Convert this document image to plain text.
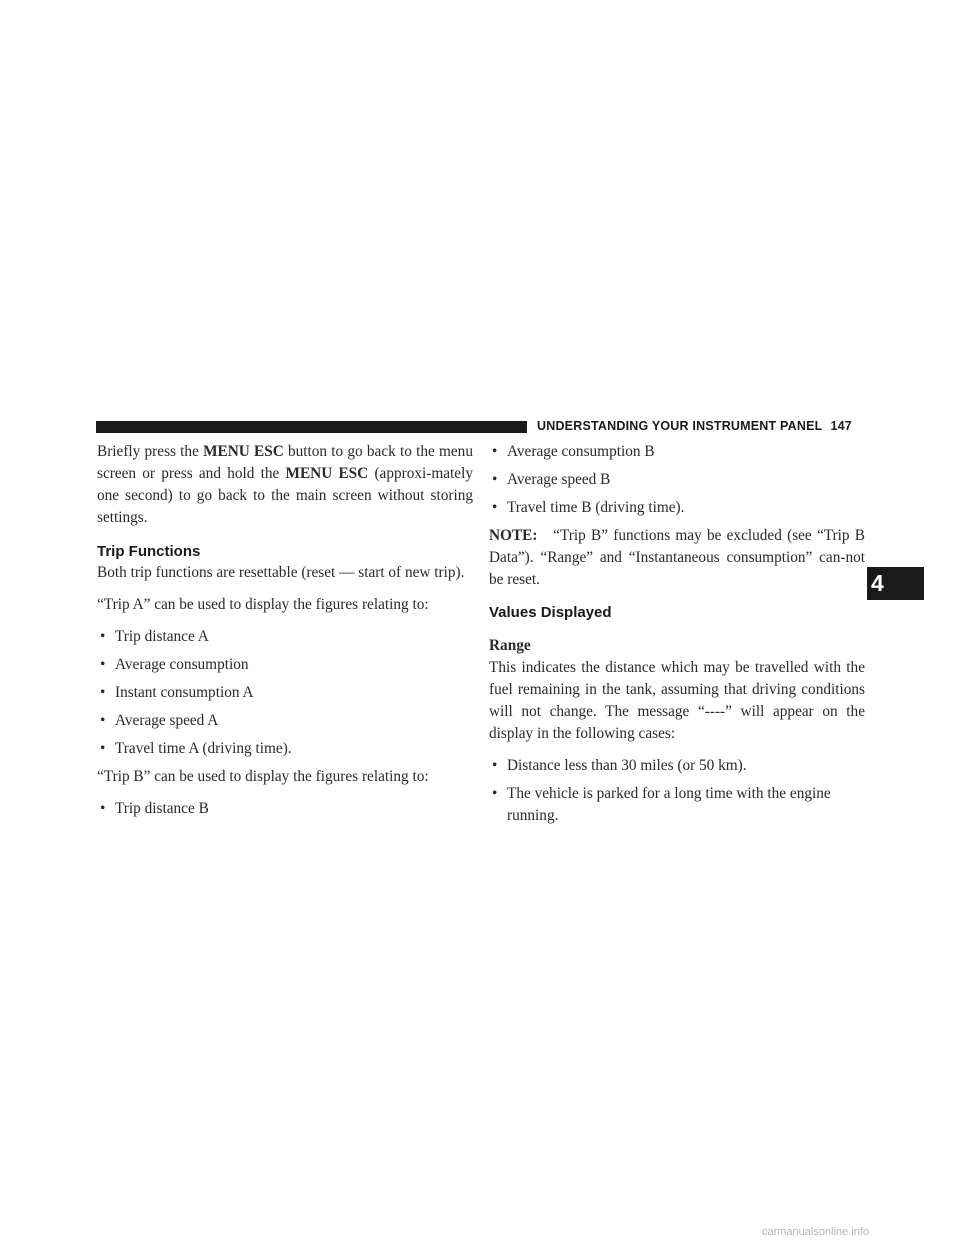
UNDERSTANDING YOUR INSTRUMENT PANEL 147

Briefly press the MENU ESC button to go back to the menu screen or press and hold the MENU ESC (approxi-mately one second) to go back to the main screen without storing settings.

Trip Functions

Both trip functions are resettable (reset — start of new trip).

“Trip A” can be used to display the figures relating to:

• Trip distance A
• Average consumption
• Instant consumption A
• Average speed A
• Travel time A (driving time).

“Trip B” can be used to display the figures relating to:

• Trip distance B
• Average consumption B
• Average speed B
• Travel time B (driving time).

NOTE: “Trip B” functions may be excluded (see “Trip B Data”). “Range” and “Instantaneous consumption” can-not be reset.

Values Displayed
Range

This indicates the distance which may be travelled with the fuel remaining in the tank, assuming that driving conditions will not change. The message “----” will appear on the display in the following cases:

• Distance less than 30 miles (or 50 km).
• The vehicle is parked for a long time with the engine running.
4
carmanualsonline.info
